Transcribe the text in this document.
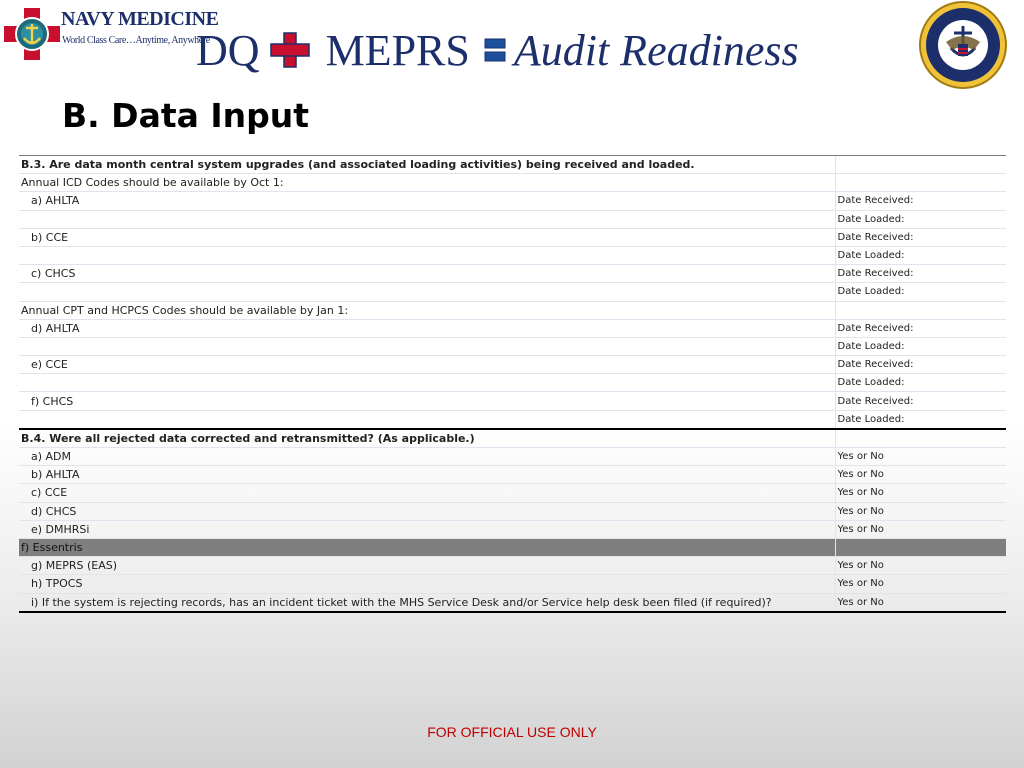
NAVY MEDICINE
World Class Care…Anytime, Anywhere
DQ MEPRS Audit Readiness
B. Data Input
B.3. Are data month central system upgrades (and associated loading activities) being received and loaded.	
Annual ICD Codes should be available by Oct 1:	
a) AHLTA	Date Received:
	Date Loaded:
b) CCE	Date Received:
	Date Loaded:
c) CHCS	Date Received:
	Date Loaded:
Annual CPT and HCPCS Codes should be available by Jan 1:	
d) AHLTA	Date Received:
	Date Loaded:
e) CCE	Date Received:
	Date Loaded:
f) CHCS	Date Received:
	Date Loaded:
B.4. Were all rejected data corrected and retransmitted? (As applicable.)	
a) ADM	Yes or No
b) AHLTA	Yes or No
c) CCE	Yes or No
d) CHCS	Yes or No
e) DMHRSi	Yes or No
f) Essentris	
g) MEPRS (EAS)	Yes or No
h) TPOCS	Yes or No
i) If the system is rejecting records, has an incident ticket with the MHS Service Desk and/or Service help desk been filed (if required)?	Yes or No
FOR OFFICIAL USE ONLY
